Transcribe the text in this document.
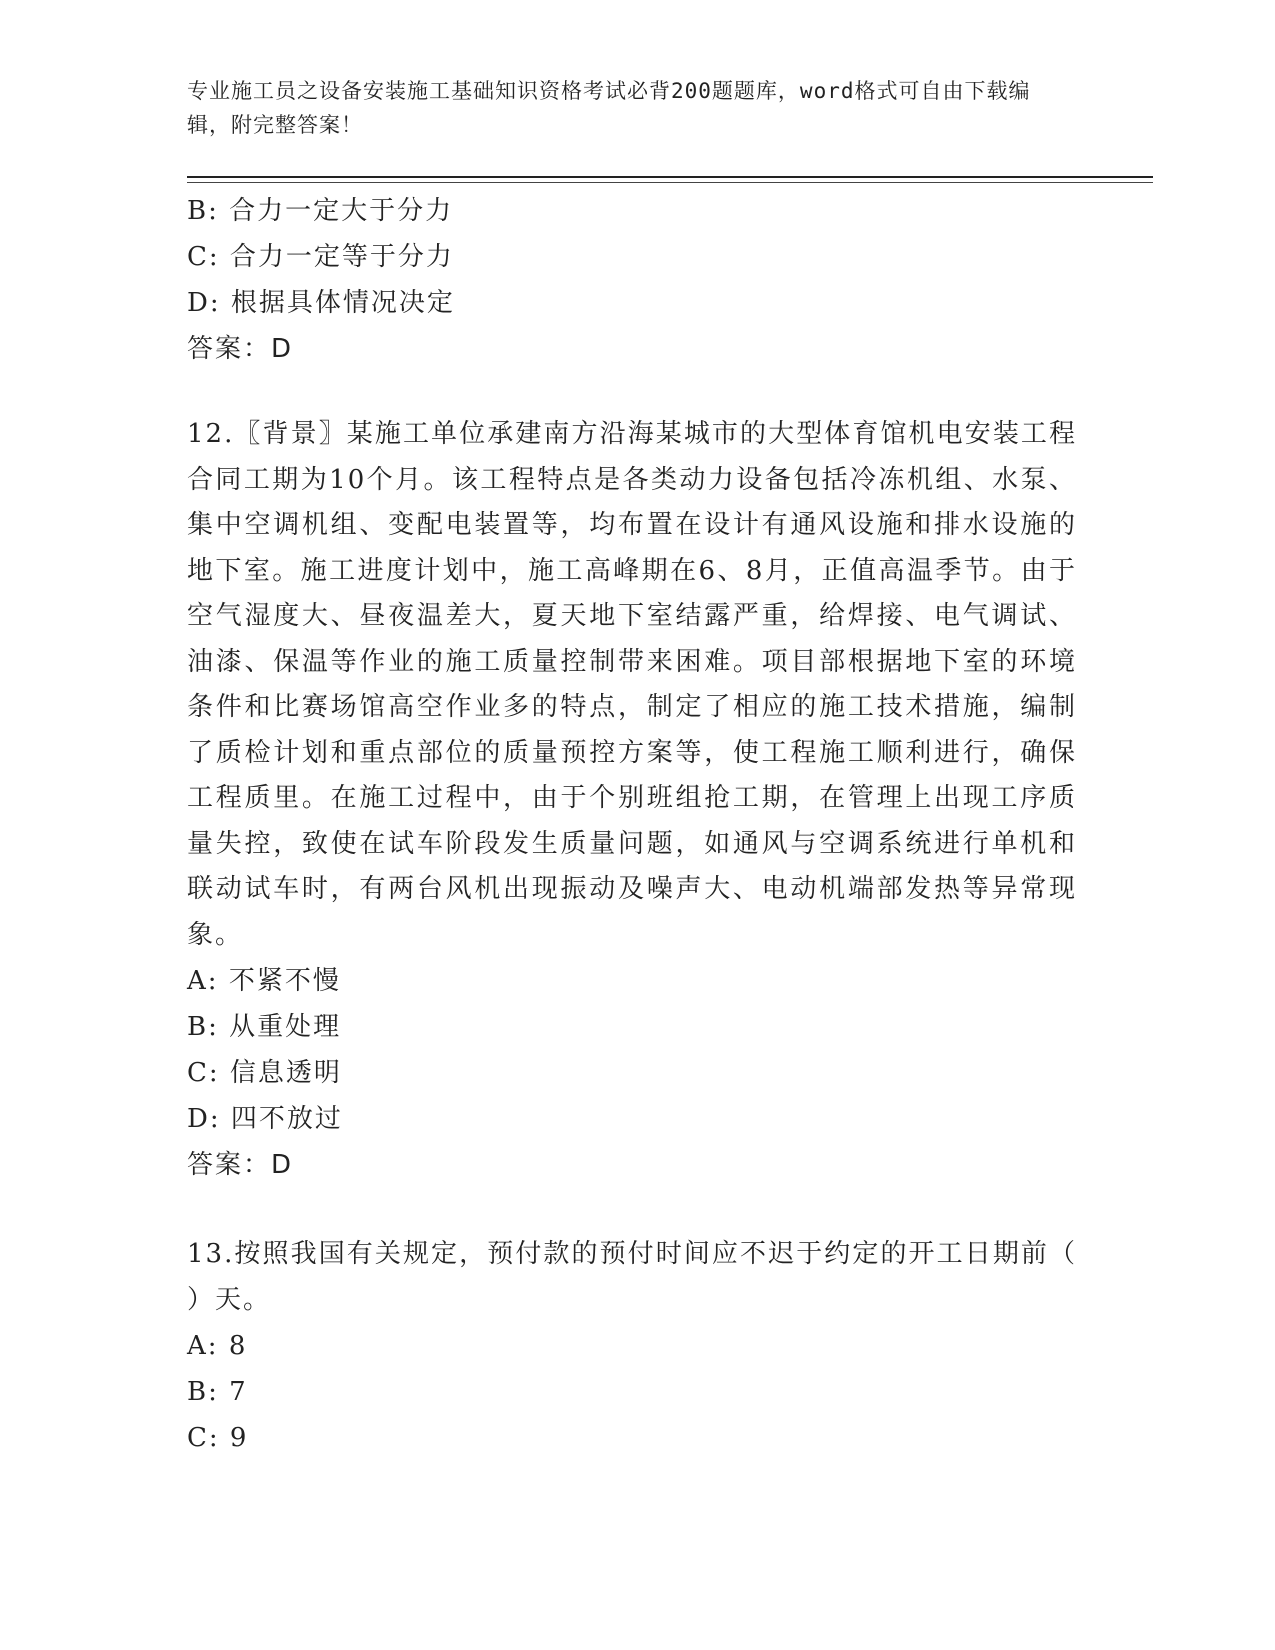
专业施工员之设备安装施工基础知识资格考试必背200题题库，word格式可自由下载编辑，附完整答案！
B: 合力一定大于分力
C: 合力一定等于分力
D: 根据具体情况决定
答案：D

12.〖背景〗某施工单位承建南方沿海某城市的大型体育馆机电安装工程合同工期为10个月。该工程特点是各类动力设备包括冷冻机组、水泵、集中空调机组、变配电装置等，均布置在设计有通风设施和排水设施的地下室。施工进度计划中，施工高峰期在6、8月，正值高温季节。由于空气湿度大、昼夜温差大，夏天地下室结露严重，给焊接、电气调试、油漆、保温等作业的施工质量控制带来困难。项目部根据地下室的环境条件和比赛场馆高空作业多的特点，制定了相应的施工技术措施，编制了质检计划和重点部位的质量预控方案等，使工程施工顺利进行，确保工程质里。在施工过程中，由于个别班组抢工期，在管理上出现工序质量失控，致使在试车阶段发生质量问题，如通风与空调系统进行单机和联动试车时，有两台风机出现振动及噪声大、电动机端部发热等异常现象。

A: 不紧不慢
B: 从重处理
C: 信息透明
D: 四不放过
答案：D

13.按照我国有关规定，预付款的预付时间应不迟于约定的开工日期前（ ）天。

A: 8
B: 7
C: 9
